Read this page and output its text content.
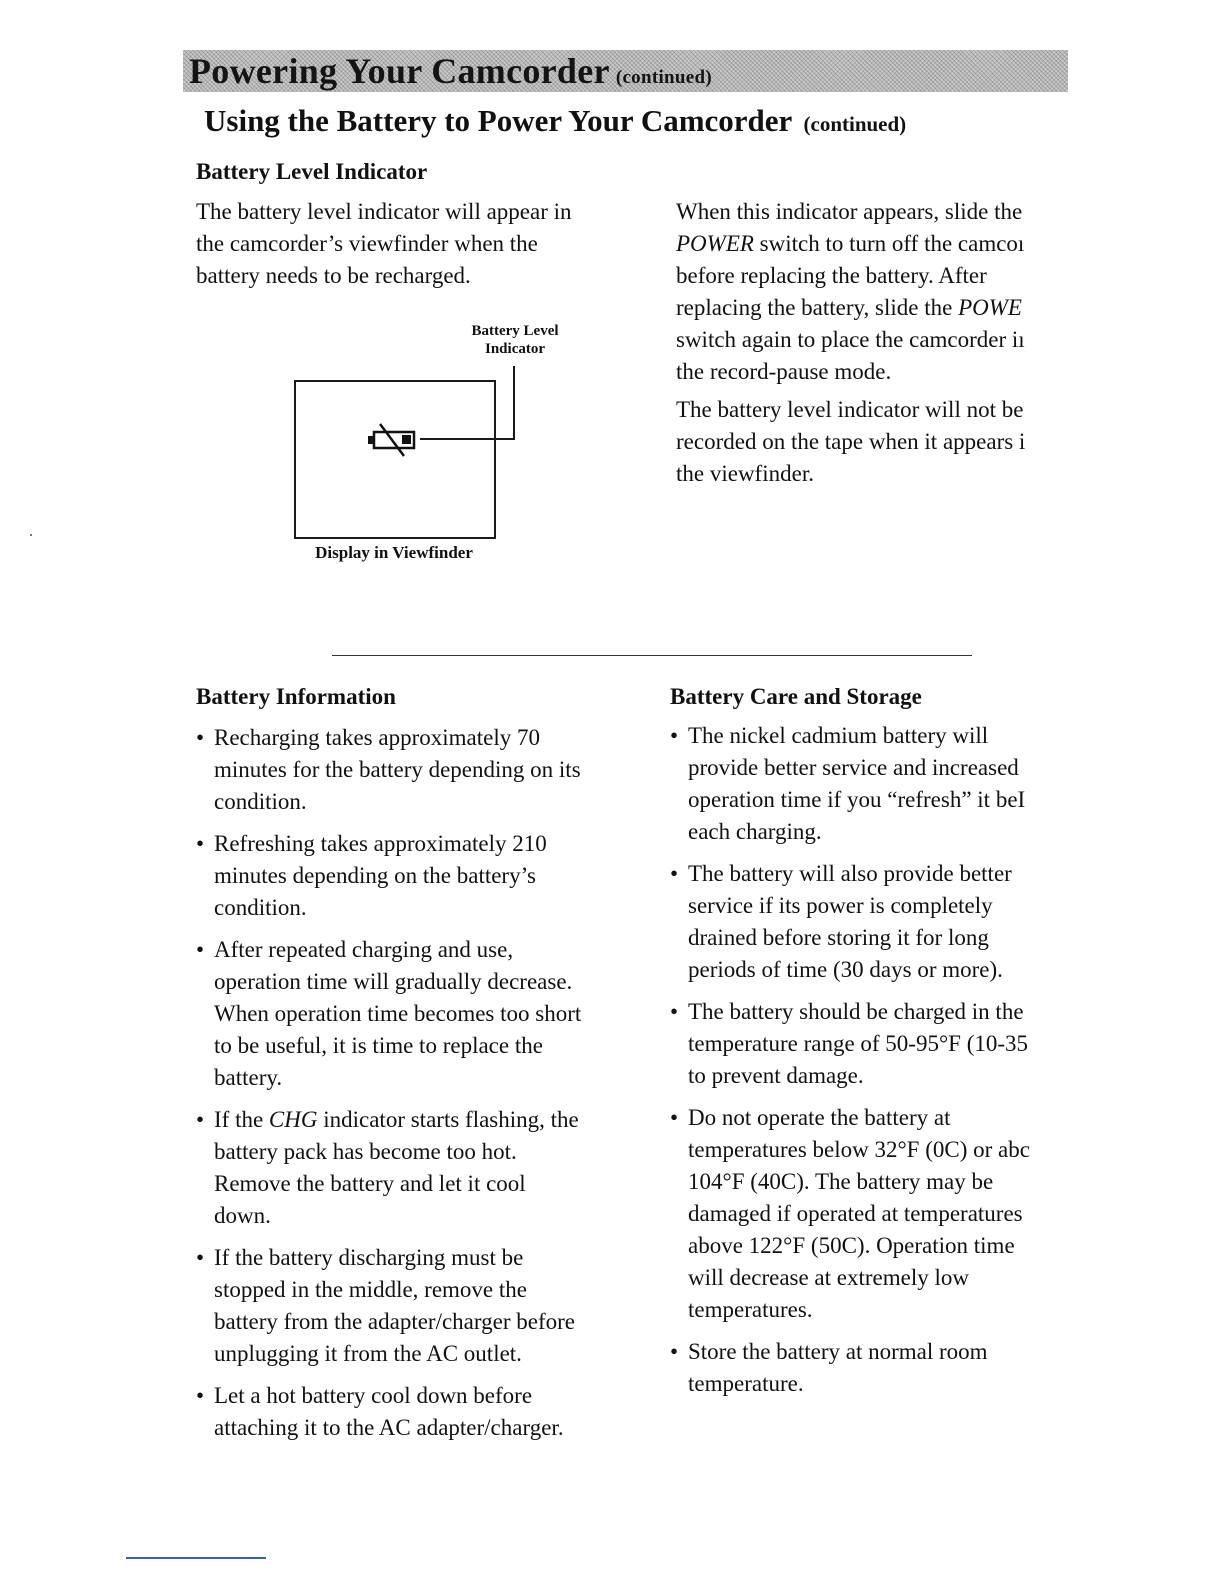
Powering Your Camcorder (continued)
Using the Battery to Power Your Camcorder (continued)
Battery Level Indicator
The battery level indicator will appear in
the camcorder’s viewfinder when the
battery needs to be recharged.
Battery Level
Indicator
Display in Viewfinder
When this indicator appears, slide the
POWER switch to turn off the camcoı
before replacing the battery. After
replacing the battery, slide the POWE
switch again to place the camcorder iı
the record-pause mode.
The battery level indicator will not be
recorded on the tape when it appears i
the viewfinder.
Battery Information
• Recharging takes approximately 70
minutes for the battery depending on its
condition.
• Refreshing takes approximately 210
minutes depending on the battery’s
condition.
• After repeated charging and use,
operation time will gradually decrease.
When operation time becomes too short
to be useful, it is time to replace the
battery.
• If the CHG indicator starts flashing, the
battery pack has become too hot.
Remove the battery and let it cool
down.
• If the battery discharging must be
stopped in the middle, remove the
battery from the adapter/charger before
unplugging it from the AC outlet.
• Let a hot battery cool down before
attaching it to the AC adapter/charger.
Battery Care and Storage
• The nickel cadmium battery will
provide better service and increased
operation time if you “refresh” it beI
each charging.
• The battery will also provide better
service if its power is completely
drained before storing it for long
periods of time (30 days or more).
• The battery should be charged in the
temperature range of 50-95°F (10-35
to prevent damage.
• Do not operate the battery at
temperatures below 32°F (0C) or abc
104°F (40C). The battery may be
damaged if operated at temperatures
above 122°F (50C). Operation time
will decrease at extremely low
temperatures.
• Store the battery at normal room
temperature.
